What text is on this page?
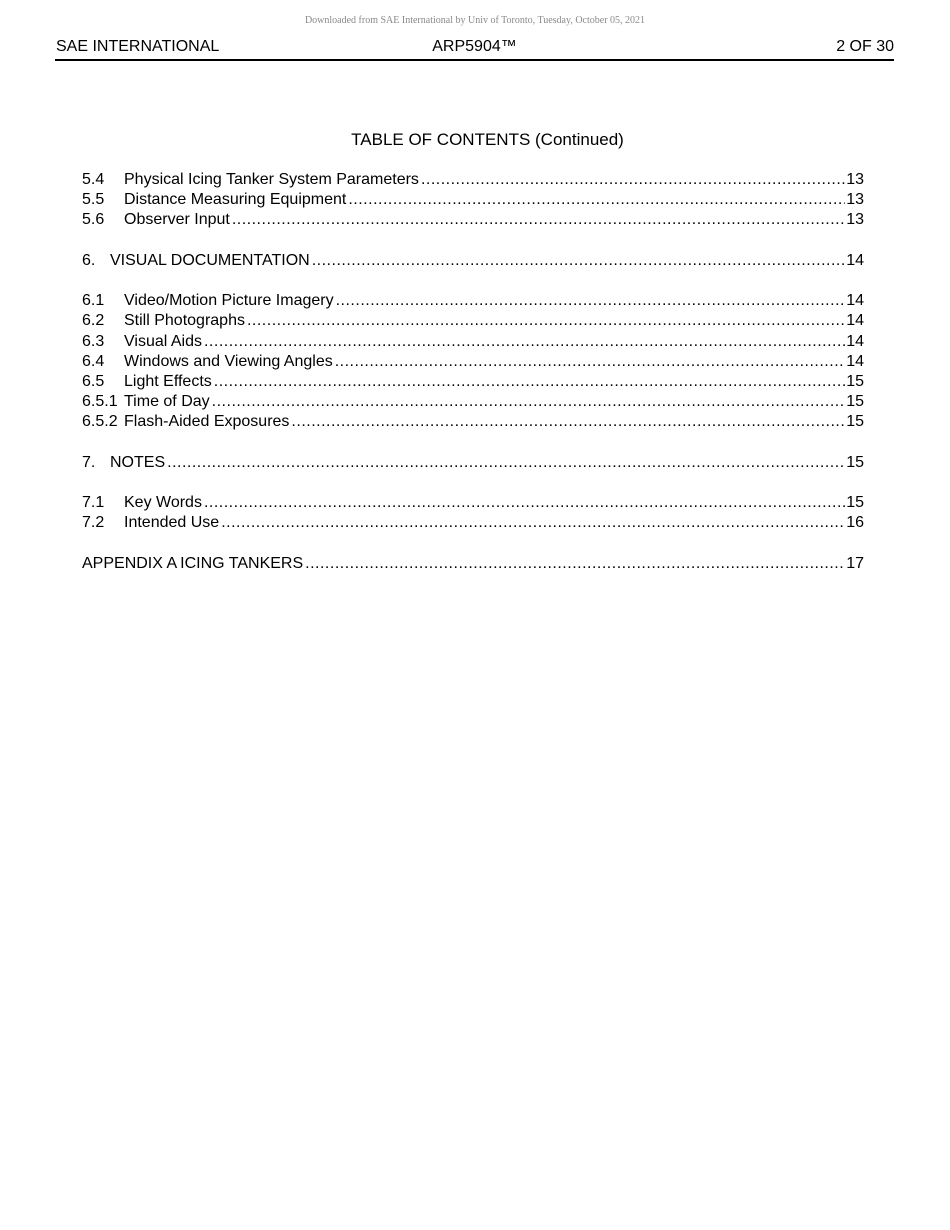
Downloaded from SAE International by Univ of Toronto, Tuesday, October 05, 2021
SAE INTERNATIONAL	ARP5904™	2 OF 30
TABLE OF CONTENTS (Continued)
5.4	Physical Icing Tanker System Parameters .....	13
5.5	Distance Measuring Equipment .....	13
5.6	Observer Input .....	13
6. VISUAL DOCUMENTATION .....	14
6.1	Video/Motion Picture Imagery .....	14
6.2	Still Photographs .....	14
6.3	Visual Aids .....	14
6.4	Windows and Viewing Angles .....	14
6.5	Light Effects .....	15
6.5.1 Time of Day .....	15
6.5.2 Flash-Aided Exposures .....	15
7. NOTES .....	15
7.1	Key Words .....	15
7.2	Intended Use .....	16
APPENDIX A ICING TANKERS .....	17
